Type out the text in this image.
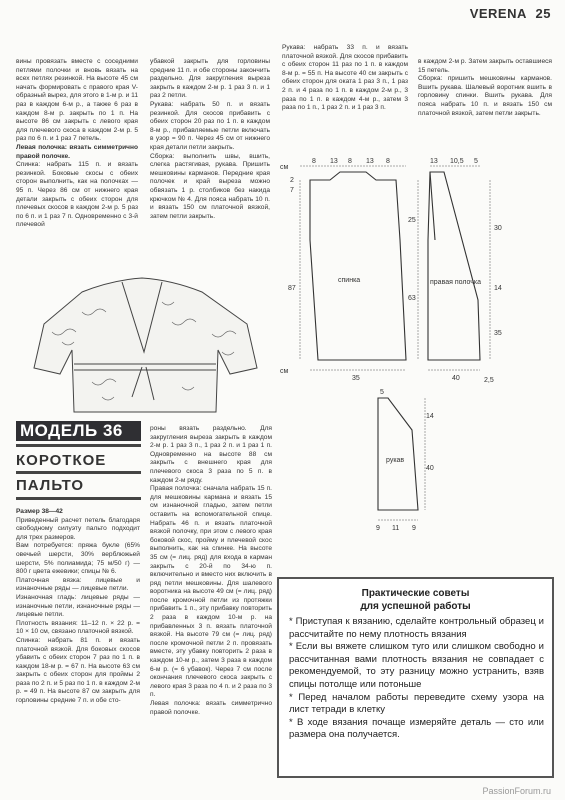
VERENA 25

вины провязать вместе с соседними петлями полочки и вновь вязать на всех петлях резинкой. На высоте 45 см начать формировать с правого края V-образный вырез, для этого в 1-м р. и 11 раз в каждом 6-м р., а также 6 раз в каждом 8-м р. закрыть по 1 п. На высоте 86 см закрыть с левого края для плечевого скоса в каждом 2-м р. 5 раз по 6 п. и 1 раз 7 петель.

Левая полочка: вязать симметрично правой полочке.

Спинка: набрать 115 п. и вязать резинкой. Боковые скосы с обеих сторон выполнить, как на полочках — 95 п. Через 86 см от нижнего края детали закрыть с обеих сторон для плечевых скосов в каждом 2-м р. 5 раз по 6 п. и 1 раз 7 п. Одновременно с 3-й плечевой

убавкой закрыть для горловины средние 11 п. и обе стороны закончить раздельно. Для закругления выреза закрыть в каждом 2-м р. 1 раз 3 п. и 1 раз 2 петли.

Рукава: набрать 50 п. и вязать резинкой. Для скосов прибавить с обеих сторон 20 раз по 1 п. в каждом 8-м р., прибавляемые петли включать в узор = 90 п. Через 45 см от нижнего края детали петли закрыть.

Сборка: выполнить швы, вшить, слегка растягивая, рукава. Пришить мешковины карманов. Передние края полочек и край выреза можно обвязать 1 р. столбиков без накида крючком № 4. Для пояса набрать 10 п. и вязать 150 см платочной вязкой, затем петли закрыть.

Рукава: набрать 33 п. и вязать платочной вязкой. Для скосов прибавить с обеих сторон 11 раз по 1 п. в каждом 8-м р. = 55 п. На высоте 40 см закрыть с обеих сторон для оката 1 раз 3 п., 1 раз 2 п. и 4 раза по 1 п. в каждом 2-м р., 3 раза по 1 п. в каждом 4-м р., затем 3 раза по 1 п., 1 раз 2 п. и 1 раз 3 п.

в каждом 2-м р. Затем закрыть оставшиеся 15 петель.

Сборка: пришить мешковины карманов. Вшить рукава. Шалевый воротник вшить в горловину спинки. Вшить рукава. Для пояса набрать 10 п. и вязать 150 см платочной вязкой, затем петли закрыть.

МОДЕЛЬ 36
КОРОТКОЕ
ПАЛЬТО

Размер 38—42

Приведенный расчет петель благодаря свободному силуэту пальто подходит для трех размеров.

Вам потребуется: пряжа букле (65% овечьей шерсти, 30% верблюжьей шерсти, 5% полиамида; 75 м/50 г) — 800 г цвета ежевики; спицы № 6.

Платочная вязка: лицевые и изнаночные ряды — лицевые петли.

Изнаночная гладь: лицевые ряды — изнаночные петли, изнаночные ряды — лицевые петли.

Плотность вязания: 11–12 п. × 22 р. = 10 × 10 см, связано платочной вязкой.

Спинка: набрать 81 п. и вязать платочной вязкой. Для боковых скосов убавить с обеих сторон 7 раз по 1 п. в каждом 18-м р. = 67 п. На высоте 63 см закрыть с обеих сторон для проймы 2 раза по 2 п. и 5 раз по 1 п. в каждом 2-м р. = 49 п. На высоте 87 см закрыть для горловины средние 7 п. и обе сто-

роны вязать раздельно. Для закругления выреза закрыть в каждом 2-м р. 1 раз 3 п., 1 раз 2 п. и 1 раз 1 п. Одновременно на высоте 88 см закрыть с внешнего края для плечевого скоса 3 раза по 5 п. в каждом 2-м ряду.

Правая полочка: сначала набрать 15 п. для мешковины кармана и вязать 15 см изнаночной гладью, затем петли оставить на вспомогательной спице. Набрать 46 п. и вязать платочной вязкой полочку, при этом с левого края боковой скос, пройму и плечевой скос выполнить, как на спинке. На высоте 35 см (= лиц. ряд) для входа в карман закрыть с 20-й по 34-ю п. включительно и вместо них включить в ряд петли мешковины. Для шалевого воротника на высоте 49 см (= лиц. ряд) после кромочной петли из протяжки прибавить 1 п., эту прибавку повторить 2 раза в каждом 10-м р. на прибавленных 3 п. вязать платочной вязкой. На высоте 79 см (= лиц. ряд) после кромочной петли 2 п. провязать вместе, эту убавку повторить 2 раза в каждом 10-м р., затем 3 раза в каждом 6-м р. (= 6 убавок). Через 7 см после окончания плечевого скоса закрыть с левого края 3 раза по 4 п. и 2 раза по 3 п.

Левая полочка: вязать симметрично правой полочке.

см
8 13 8 13 8	13 10,5 5
2
7
25
87
63
30
14
35
см
35	40	2,5
5
14
40
9 11 9
спинка	правая полочка
рукав
Практические советы
для успешной работы

* Приступая к вязанию, сделайте контрольный образец и рассчитайте по нему плотность вязания

* Если вы вяжете слишком туго или слишком свободно и рассчитанная вами плотность вязания не совпадает с рекомендуемой, то эту разницу можно устранить, взяв спицы потолще или потоньше

* Перед началом работы переведите схему узора на лист тетради в клетку

* В ходе вязания почаще измеряйте деталь — сто или размера она получается.

PassionForum.ru
